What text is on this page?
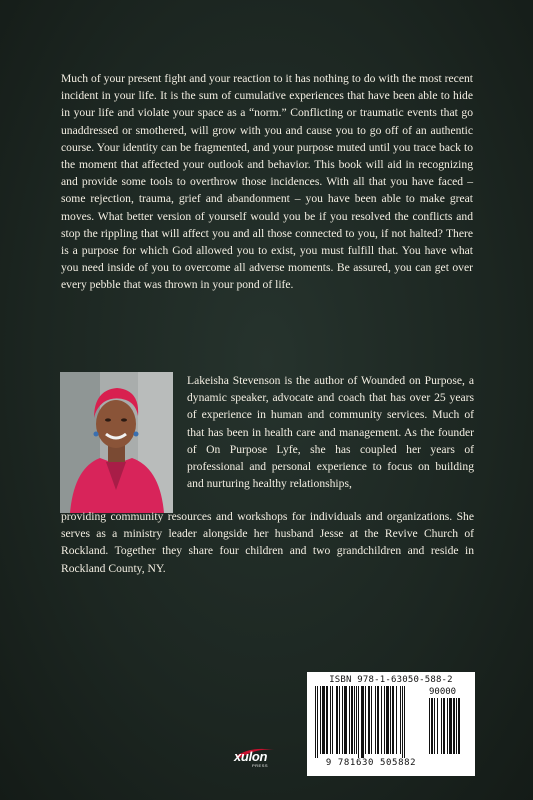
Much of your present fight and your reaction to it has nothing to do with the most recent incident in your life. It is the sum of cumulative experiences that have been able to hide in your life and violate your space as a “norm.” Conflicting or traumatic events that go unaddressed or smothered, will grow with you and cause you to go off of an authentic course. Your identity can be fragmented, and your purpose muted until you trace back to the moment that affected your outlook and behavior. This book will aid in recognizing and provide some tools to overthrow those incidences. With all that you have faced – some rejection, trauma, grief and abandonment – you have been able to make great moves. What better version of yourself would you be if you resolved the conflicts and stop the rippling that will affect you and all those connected to you, if not halted? There is a purpose for which God allowed you to exist, you must fulfill that. You have what you need inside of you to overcome all adverse moments. Be assured, you can get over every pebble that was thrown in your pond of life.

Lakeisha Stevenson is the author of Wounded on Purpose, a dynamic speaker, advocate and coach that has over 25 years of experience in human and community services. Much of that has been in health care and management. As the founder of On Purpose Lyfe, she has coupled her years of professional and personal experience to focus on building and nurturing healthy relationships,

providing community resources and workshops for individuals and organizations. She serves as a ministry leader alongside her husband Jesse at the Revive Church of Rockland. Together they share four children and two grandchildren and reside in Rockland County, NY.

xulon
PRESS
ISBN 978-1-63050-588-2
90000
9 781630 505882
